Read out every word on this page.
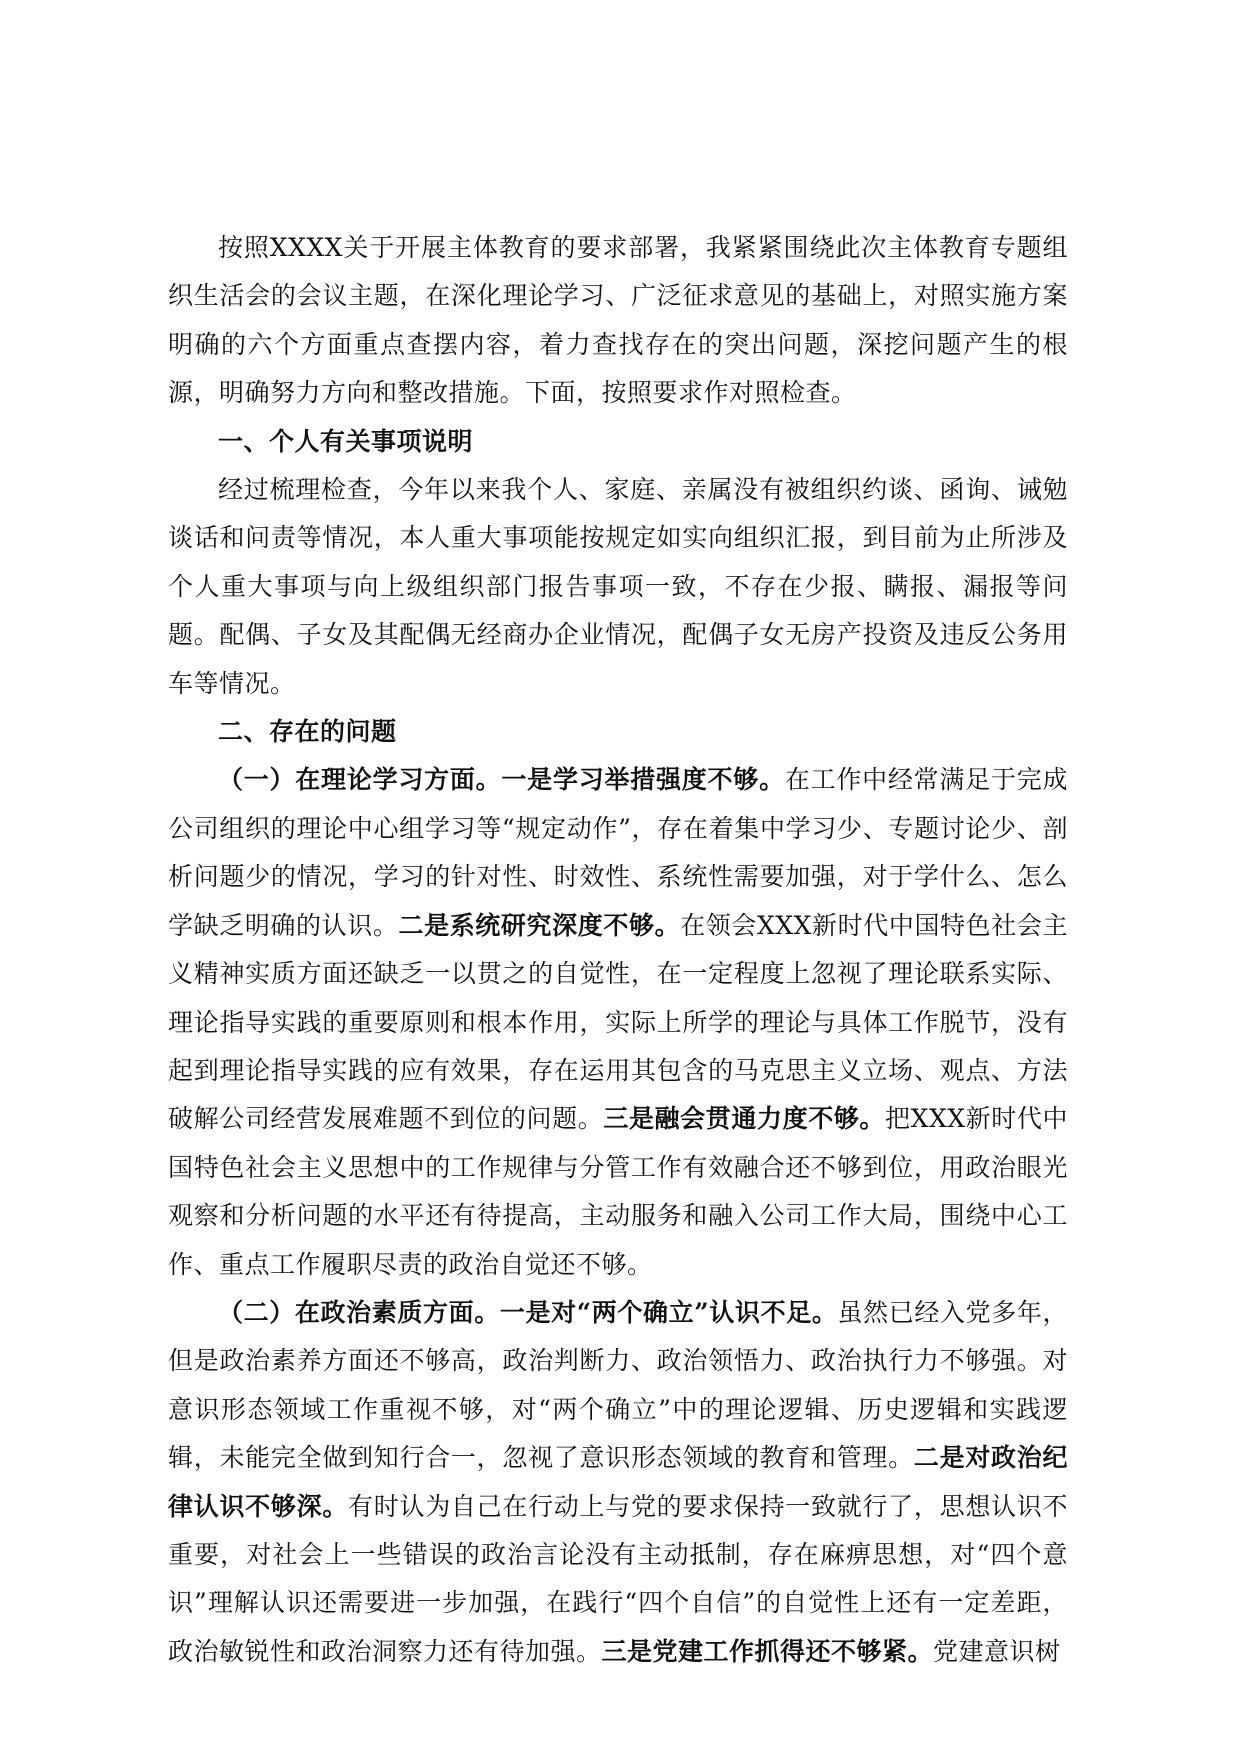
按照XXXX关于开展主体教育的要求部署，我紧紧围绕此次主体教育专题组织生活会的会议主题，在深化理论学习、广泛征求意见的基础上，对照实施方案明确的六个方面重点查摆内容，着力查找存在的突出问题，深挖问题产生的根源，明确努力方向和整改措施。下面，按照要求作对照检查。

一、个人有关事项说明

经过梳理检查，今年以来我个人、家庭、亲属没有被组织约谈、函询、诫勉谈话和问责等情况，本人重大事项能按规定如实向组织汇报，到目前为止所涉及个人重大事项与向上级组织部门报告事项一致，不存在少报、瞒报、漏报等问题。配偶、子女及其配偶无经商办企业情况，配偶子女无房产投资及违反公务用车等情况。

二、存在的问题

（一）在理论学习方面。一是学习举措强度不够。在工作中经常满足于完成公司组织的理论中心组学习等“规定动作”，存在着集中学习少、专题讨论少、剖析问题少的情况，学习的针对性、时效性、系统性需要加强，对于学什么、怎么学缺乏明确的认识。二是系统研究深度不够。在领会XXX新时代中国特色社会主义精神实质方面还缺乏一以贯之的自觉性，在一定程度上忽视了理论联系实际、理论指导实践的重要原则和根本作用，实际上所学的理论与具体工作脱节，没有起到理论指导实践的应有效果，存在运用其包含的马克思主义立场、观点、方法破解公司经营发展难题不到位的问题。三是融会贯通力度不够。把XXX新时代中国特色社会主义思想中的工作规律与分管工作有效融合还不够到位，用政治眼光观察和分析问题的水平还有待提高，主动服务和融入公司工作大局，围绕中心工作、重点工作履职尽责的政治自觉还不够。

（二）在政治素质方面。一是对“两个确立”认识不足。虽然已经入党多年，但是政治素养方面还不够高，政治判断力、政治领悟力、政治执行力不够强。对意识形态领域工作重视不够，对“两个确立”中的理论逻辑、历史逻辑和实践逻辑，未能完全做到知行合一，忽视了意识形态领域的教育和管理。二是对政治纪律认识不够深。有时认为自己在行动上与党的要求保持一致就行了，思想认识不重要，对社会上一些错误的政治言论没有主动抵制，存在麻痹思想，对“四个意识”理解认识还需要进一步加强，在践行“四个自信”的自觉性上还有一定差距，政治敏锐性和政治洞察力还有待加强。三是党建工作抓得还不够紧。党建意识树
